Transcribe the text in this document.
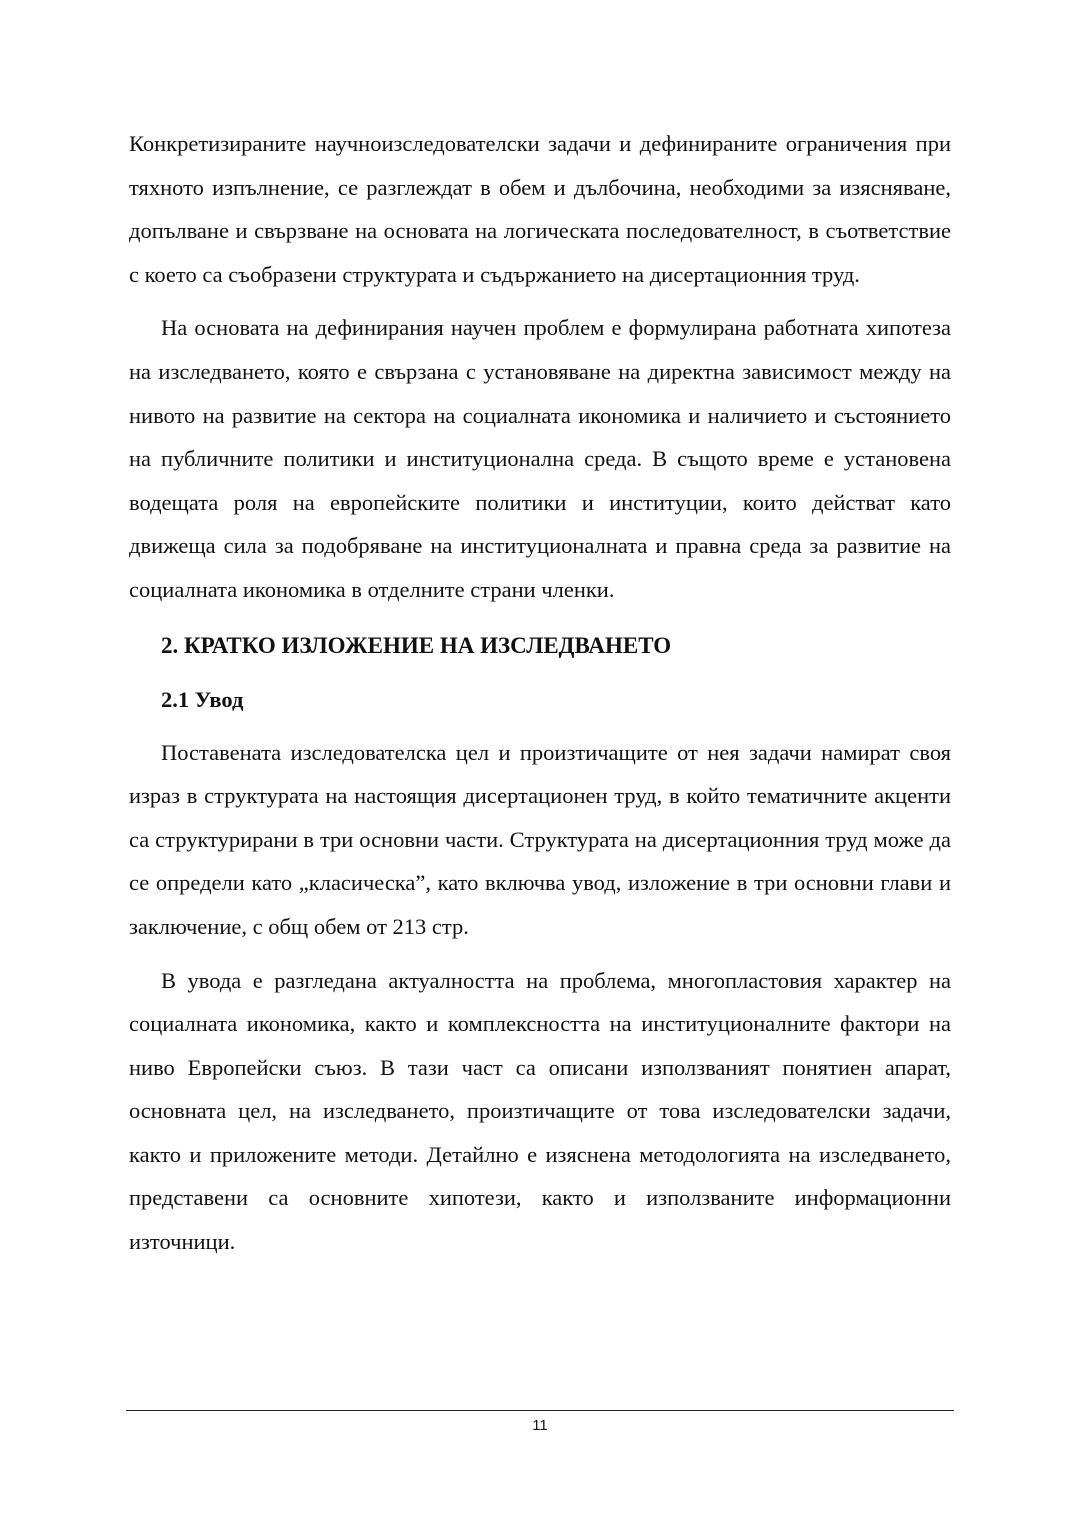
Конкретизираните научноизследователски задачи и дефинираните ограничения при тяхното изпълнение, се разглеждат в обем и дълбочина, необходими за изясняване, допълване и свързване на основата на логическата последователност, в съответствие с което са съобразени структурата и съдържанието на дисертационния труд.

На основата на дефинирания научен проблем е формулирана работната хипотеза на изследването, която е свързана с установяване на директна зависимост между на нивото на развитие на сектора на социалната икономика и наличието и състоянието на публичните политики и институционална среда. В същото време е установена водещата роля на европейските политики и институции, които действат като движеща сила за подобряване на институционалната и правна среда за развитие на социалната икономика в отделните страни членки.

2. КРАТКО ИЗЛОЖЕНИЕ НА ИЗСЛЕДВАНЕТО
2.1 Увод

Поставената изследователска цел и произтичащите от нея задачи намират своя израз в структурата на настоящия дисертационен труд, в който тематичните акценти са структурирани в три основни части. Структурата на дисертационния труд може да се определи като „класическа”, като включва увод, изложение в три основни глави и заключение, с общ обем от 213 стр.

В увода е разгледана актуалността на проблема, многопластовия характер на социалната икономика, както и комплексността на институционалните фактори на ниво Европейски съюз. В тази част са описани използваният понятиен апарат, основната цел, на изследването, произтичащите от това изследователски задачи, както и приложените методи. Детайлно е изяснена методологията на изследването, представени са основните хипотези, както и използваните информационни източници.

11
